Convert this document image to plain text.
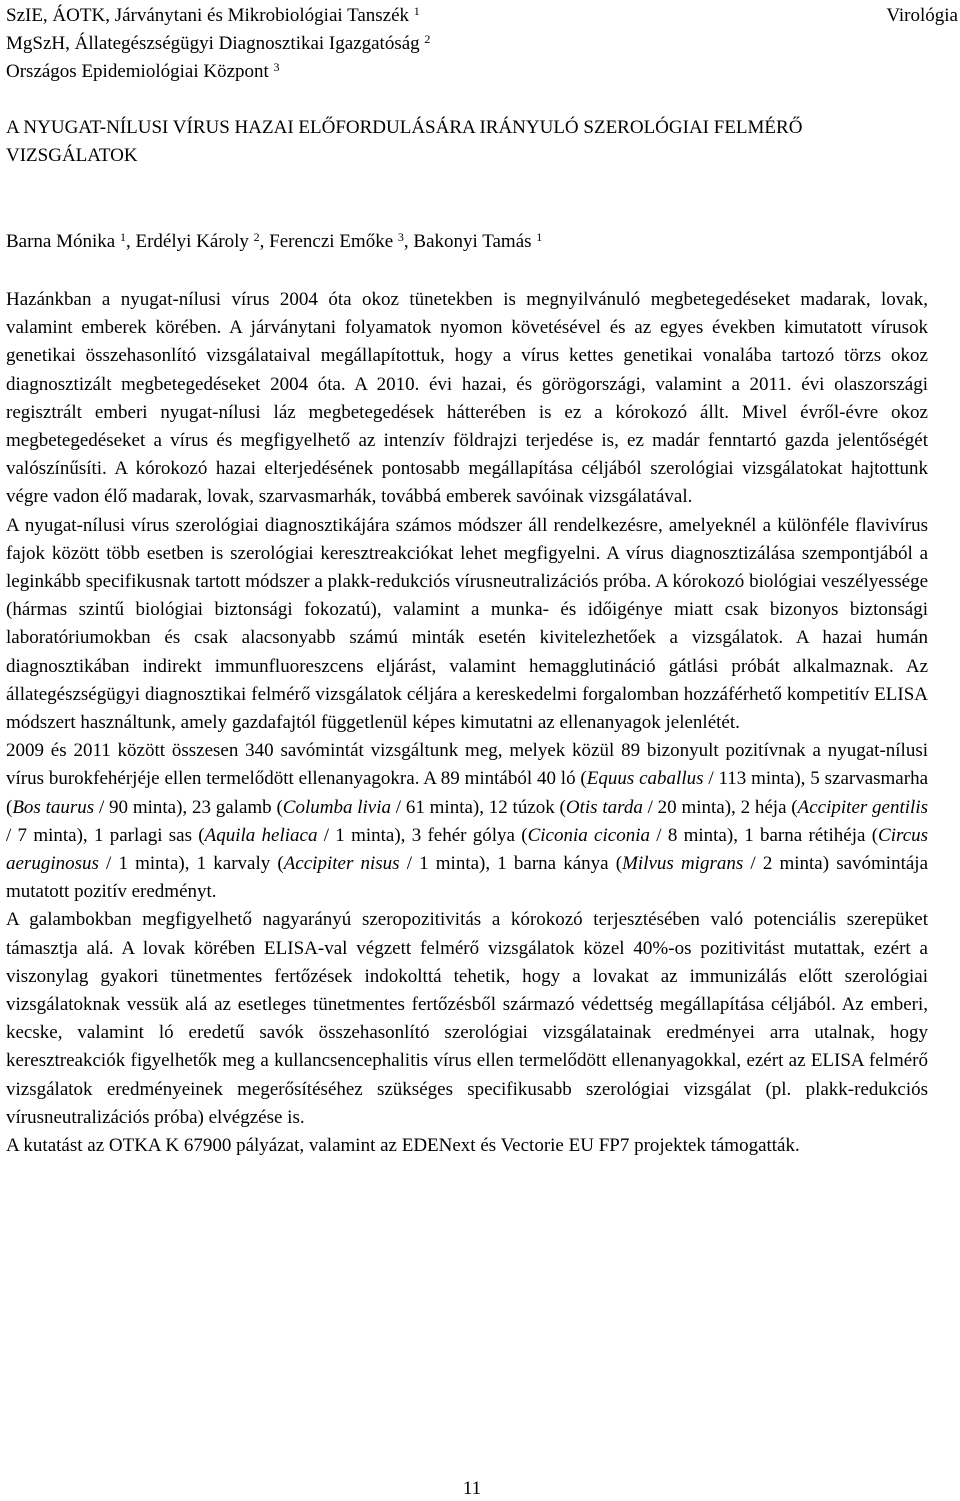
SzIE, ÁOTK, Járványtani és Mikrobiológiai Tanszék $^1$
MgSzH, Állategészségügyi Diagnosztikai Igazgatóság $^2$
Országos Epidemiológiai Központ $^3$
Virológia
A NYUGAT-NÍLUSI VÍRUS HAZAI ELŐFORDULÁSÁRA IRÁNYULÓ SZEROLÓGIAI FELMÉRŐ VIZSGÁLATOK
Barna Mónika $^1$, Erdélyi Károly $^2$, Ferenczi Emőke $^3$, Bakonyi Tamás $^1$

Hazánkban a nyugat-nílusi vírus 2004 óta okoz tünetekben is megnyilvánuló megbetegedéseket madarak, lovak, valamint emberek körében. A járványtani folyamatok nyomon követésével és az egyes években kimutatott vírusok genetikai összehasonlító vizsgálataival megállapítottuk, hogy a vírus kettes genetikai vonalába tartozó törzs okoz diagnosztizált megbetegedéseket 2004 óta. A 2010. évi hazai, és görögországi, valamint a 2011. évi olaszországi regisztrált emberi nyugat-nílusi láz megbetegedések hátterében is ez a kórokozó állt. Mivel évről-évre okoz megbetegedéseket a vírus és megfigyelhető az intenzív földrajzi terjedése is, ez madár fenntartó gazda jelentőségét valószínűsíti. A kórokozó hazai elterjedésének pontosabb megállapítása céljából szerológiai vizsgálatokat hajtottunk végre vadon élő madarak, lovak, szarvasmarhák, továbbá emberek savóinak vizsgálatával.

A nyugat-nílusi vírus szerológiai diagnosztikájára számos módszer áll rendelkezésre, amelyeknél a különféle flavivírus fajok között több esetben is szerológiai keresztreakciókat lehet megfigyelni. A vírus diagnosztizálása szempontjából a leginkább specifikusnak tartott módszer a plakk-redukciós vírusneutralizációs próba. A kórokozó biológiai veszélyessége (hármas szintű biológiai biztonsági fokozatú), valamint a munka- és időigénye miatt csak bizonyos biztonsági laboratóriumokban és csak alacsonyabb számú minták esetén kivitelezhetőek a vizsgálatok. A hazai humán diagnosztikában indirekt immunfluoreszcens eljárást, valamint hemagglutináció gátlási próbát alkalmaznak. Az állategészségügyi diagnosztikai felmérő vizsgálatok céljára a kereskedelmi forgalomban hozzáférhető kompetitív ELISA módszert használtunk, amely gazdafajtól függetlenül képes kimutatni az ellenanyagok jelenlétét.

2009 és 2011 között összesen 340 savómintát vizsgáltunk meg, melyek közül 89 bizonyult pozitívnak a nyugat-nílusi vírus burokfehérjéje ellen termelődött ellenanyagokra. A 89 mintából 40 ló (Equus caballus / 113 minta), 5 szarvasmarha (Bos taurus / 90 minta), 23 galamb (Columba livia / 61 minta), 12 túzok (Otis tarda / 20 minta), 2 héja (Accipiter gentilis / 7 minta), 1 parlagi sas (Aquila heliaca / 1 minta), 3 fehér gólya (Ciconia ciconia / 8 minta), 1 barna rétihéja (Circus aeruginosus / 1 minta), 1 karvaly (Accipiter nisus / 1 minta), 1 barna kánya (Milvus migrans / 2 minta) savómintája mutatott pozitív eredményt.

A galambokban megfigyelhető nagyarányú szeropozitivitás a kórokozó terjesztésében való potenciális szerepüket támasztja alá. A lovak körében ELISA-val végzett felmérő vizsgálatok közel 40%-os pozitivitást mutattak, ezért a viszonylag gyakori tünetmentes fertőzések indokolttá tehetik, hogy a lovakat az immunizálás előtt szerológiai vizsgálatoknak vessük alá az esetleges tünetmentes fertőzésből származó védettség megállapítása céljából. Az emberi, kecske, valamint ló eredetű savók összehasonlító szerológiai vizsgálatainak eredményei arra utalnak, hogy keresztreakciók figyelhetők meg a kullancsencephalitis vírus ellen termelődött ellenanyagokkal, ezért az ELISA felmérő vizsgálatok eredményeinek megerősítéséhez szükséges specifikusabb szerológiai vizsgálat (pl. plakk-redukciós vírusneutralizációs próba) elvégzése is.

A kutatást az OTKA K 67900 pályázat, valamint az EDENext és Vectorie EU FP7 projektek támogatták.

11
